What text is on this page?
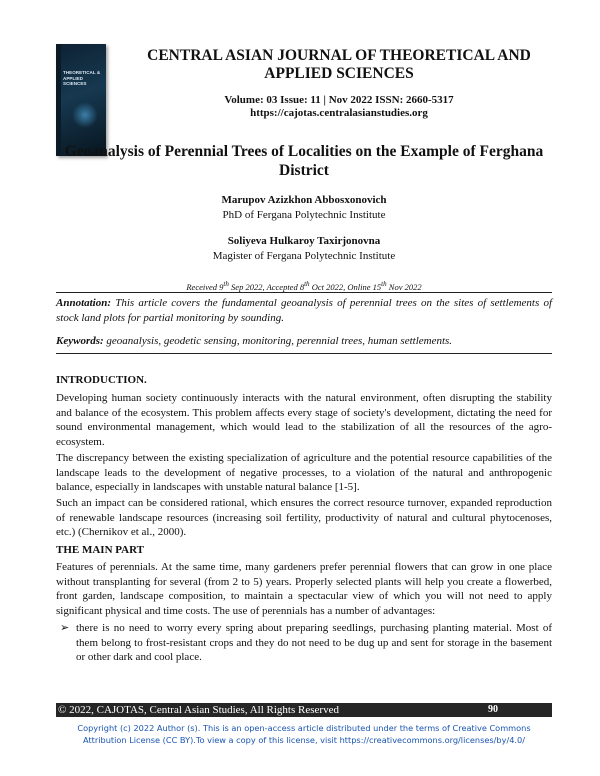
THEORETICAL & APPLIED SCIENCES
CENTRAL ASIAN JOURNAL OF THEORETICAL AND APPLIED SCIENCES
Volume: 03 Issue: 11 | Nov 2022 ISSN: 2660-5317
https://cajotas.centralasianstudies.org
Geoanalysis of Perennial Trees of Localities on the Example of Ferghana District
Marupov Azizkhon Abbosxonovich
PhD of Fergana Polytechnic Institute
Soliyeva Hulkaroy Taxirjonovna
Magister of Fergana Polytechnic Institute
Received 9th Sep 2022, Accepted 8th Oct 2022, Online 15th Nov 2022
Annotation: This article covers the fundamental geoanalysis of perennial trees on the sites of settlements of stock land plots for partial monitoring by sounding.
Keywords: geoanalysis, geodetic sensing, monitoring, perennial trees, human settlements.
INTRODUCTION.
Developing human society continuously interacts with the natural environment, often disrupting the stability and balance of the ecosystem. This problem affects every stage of society's development, dictating the need for sound environmental management, which would lead to the stabilization of all the resources of the agro-ecosystem.
The discrepancy between the existing specialization of agriculture and the potential resource capabilities of the landscape leads to the development of negative processes, to a violation of the natural and anthropogenic balance, especially in landscapes with unstable natural balance [1-5].
Such an impact can be considered rational, which ensures the correct resource turnover, expanded reproduction of renewable landscape resources (increasing soil fertility, productivity of natural and cultural phytocenoses, etc.) (Chernikov et al., 2000).
THE MAIN PART
Features of perennials. At the same time, many gardeners prefer perennial flowers that can grow in one place without transplanting for several (from 2 to 5) years. Properly selected plants will help you create a flowerbed, front garden, landscape composition, to maintain a spectacular view of which you will not need to apply significant physical and time costs. The use of perennials has a number of advantages:
➢ there is no need to worry every spring about preparing seedlings, purchasing planting material. Most of them belong to frost-resistant crops and they do not need to be dug up and sent for storage in the basement or other dark and cool place.
© 2022, CAJOTAS, Central Asian Studies, All Rights Reserved	90
Copyright (c) 2022 Author (s). This is an open-access article distributed under the terms of Creative Commons
Attribution License (CC BY).To view a copy of this license, visit https://creativecommons.org/licenses/by/4.0/
